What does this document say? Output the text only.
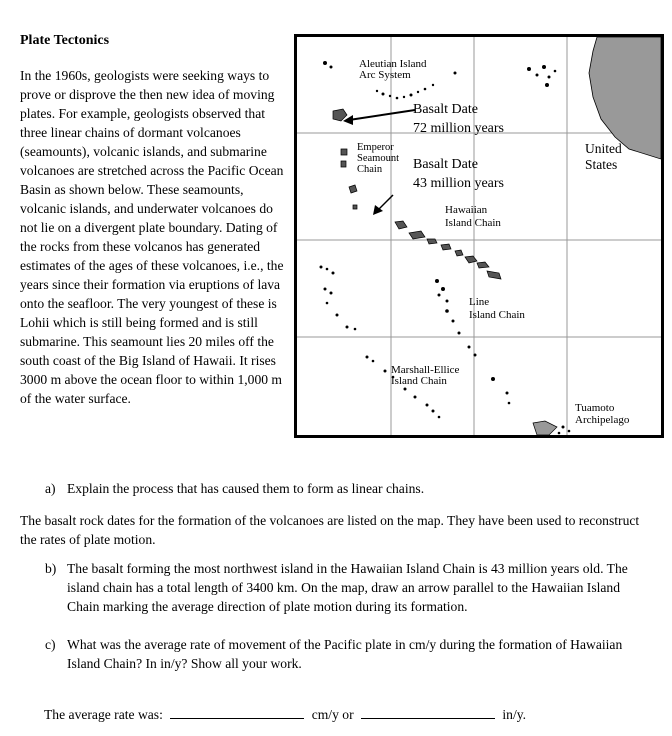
Plate Tectonics
In the 1960s, geologists were seeking ways to prove or disprove the then new idea of moving plates. For example, geologists observed that three linear chains of dormant volcanoes (seamounts), volcanic islands, and submarine volcanoes are stretched across the Pacific Ocean Basin as shown below. These seamounts, volcanic islands, and underwater volcanoes do not lie on a divergent plate boundary. Dating of the rocks from these volcanos has generated estimates of the ages of these volcanoes, i.e., the years since their formation via eruptions of lava onto the seafloor. The very youngest of these is Lohii which is still being formed and is still submarine. This seamount lies 20 miles off the south coast of the Big Island of Hawaii. It rises 3000 m above the ocean floor to within 1,000 m of the water surface.
Aleutian Island
Arc System
Basalt Date
72 million years
Emperor
Seamount
Chain Basalt Date
43 million years
United
States
Hawaiian
Island Chain
Line
Island Chain
Marshall-Ellice
Island Chain
Tuamoto
Archipelago
a) Explain the process that has caused them to form as linear chains.
The basalt rock dates for the formation of the volcanoes are listed on the map. They have been used to reconstruct the rates of plate motion.
b) The basalt forming the most northwest island in the Hawaiian Island Chain is 43 million years old. The island chain has a total length of 3400 km. On the map, draw an arrow parallel to the Hawaiian Island Chain marking the average direction of plate motion during its formation.
c) What was the average rate of movement of the Pacific plate in cm/y during the formation of Hawaiian Island Chain? In in/y? Show all your work.
The average rate was:	cm/y or	in/y.
